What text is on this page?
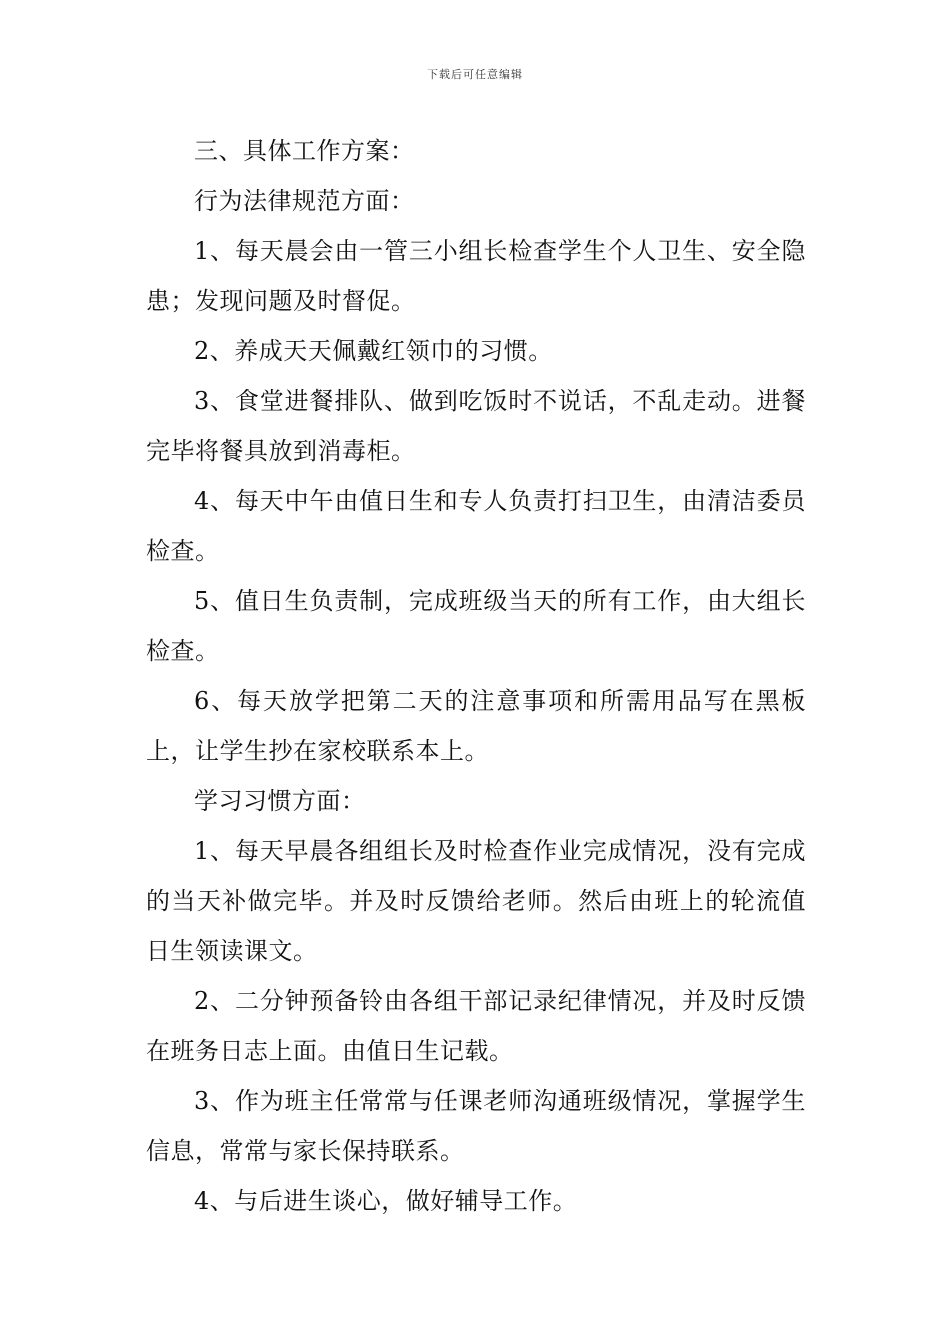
下载后可任意编辑

三、具体工作方案：

行为法律规范方面：

1、每天晨会由一管三小组长检查学生个人卫生、安全隐患；发现问题及时督促。

2、养成天天佩戴红领巾的习惯。

3、食堂进餐排队、做到吃饭时不说话，不乱走动。进餐完毕将餐具放到消毒柜。

4、每天中午由值日生和专人负责打扫卫生，由清洁委员检查。

5、值日生负责制，完成班级当天的所有工作，由大组长检查。

6、每天放学把第二天的注意事项和所需用品写在黑板上，让学生抄在家校联系本上。

学习习惯方面：

1、每天早晨各组组长及时检查作业完成情况，没有完成的当天补做完毕。并及时反馈给老师。然后由班上的轮流值日生领读课文。

2、二分钟预备铃由各组干部记录纪律情况，并及时反馈在班务日志上面。由值日生记载。

3、作为班主任常常与任课老师沟通班级情况，掌握学生信息，常常与家长保持联系。

4、与后进生谈心，做好辅导工作。
